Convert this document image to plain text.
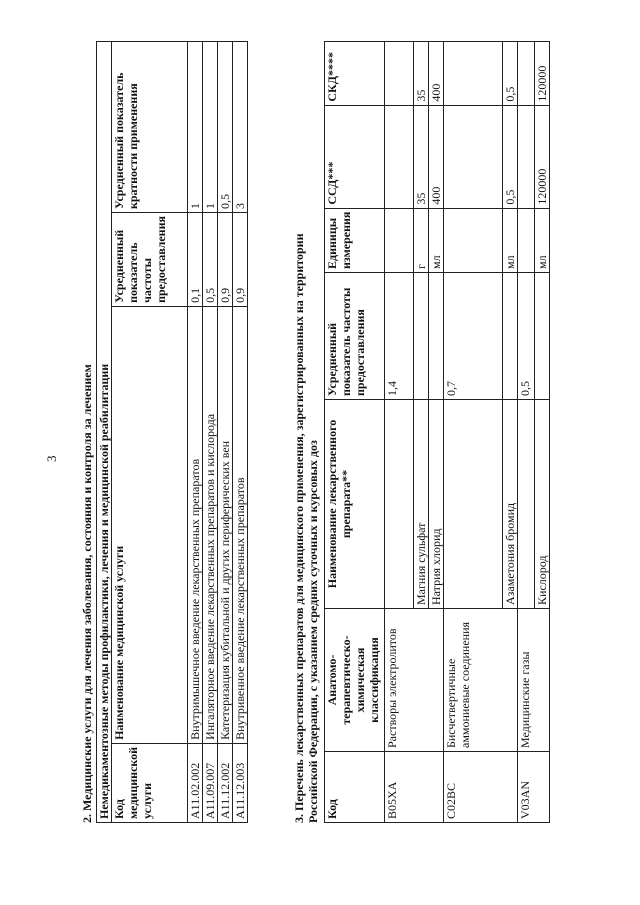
3 2. Медицинские услуги для лечения заболевания, состояния и контроля за лечением Немедикаментозные методы профилактики, лечения и медицинской реабилитации			
Код медицинской услуги	Наименование медицинской услуги	Усредненный показатель частоты предоставления	Усредненный показатель кратности применения
A11.02.002	Внутримышечное введение лекарственных препаратов	0,1	1
A11.09.007	Ингаляторное введение лекарственных препаратов и кислорода	0,5	1
A11.12.002	Катетеризация кубитальной и других периферических вен	0,9	0,5
A11.12.003	Внутривенное введение лекарственных препаратов	0,9	3
3. Перечень лекарственных препаратов для медицинского применения, зарегистрированных на территории Российской Федерации, с указанием средних суточных и курсовых доз Код	Анатомо-терапевтическо-химическая классификация	Наименование лекарственного препарата**	Усредненный показатель частоты предоставления	Единицы измерения	ССД***	СКД****
B05XA	Растворы электролитов		1,4			
		Магния сульфат		г	35	35
		Натрия хлорид		мл	400	400
C02BC	Бисчетвертичные аммониевые соединения		0,7			
		Азаметония бромид		мл	0,5	0,5
V03AN	Медицинские газы		0,5			
		Кислород		мл	120000	120000
